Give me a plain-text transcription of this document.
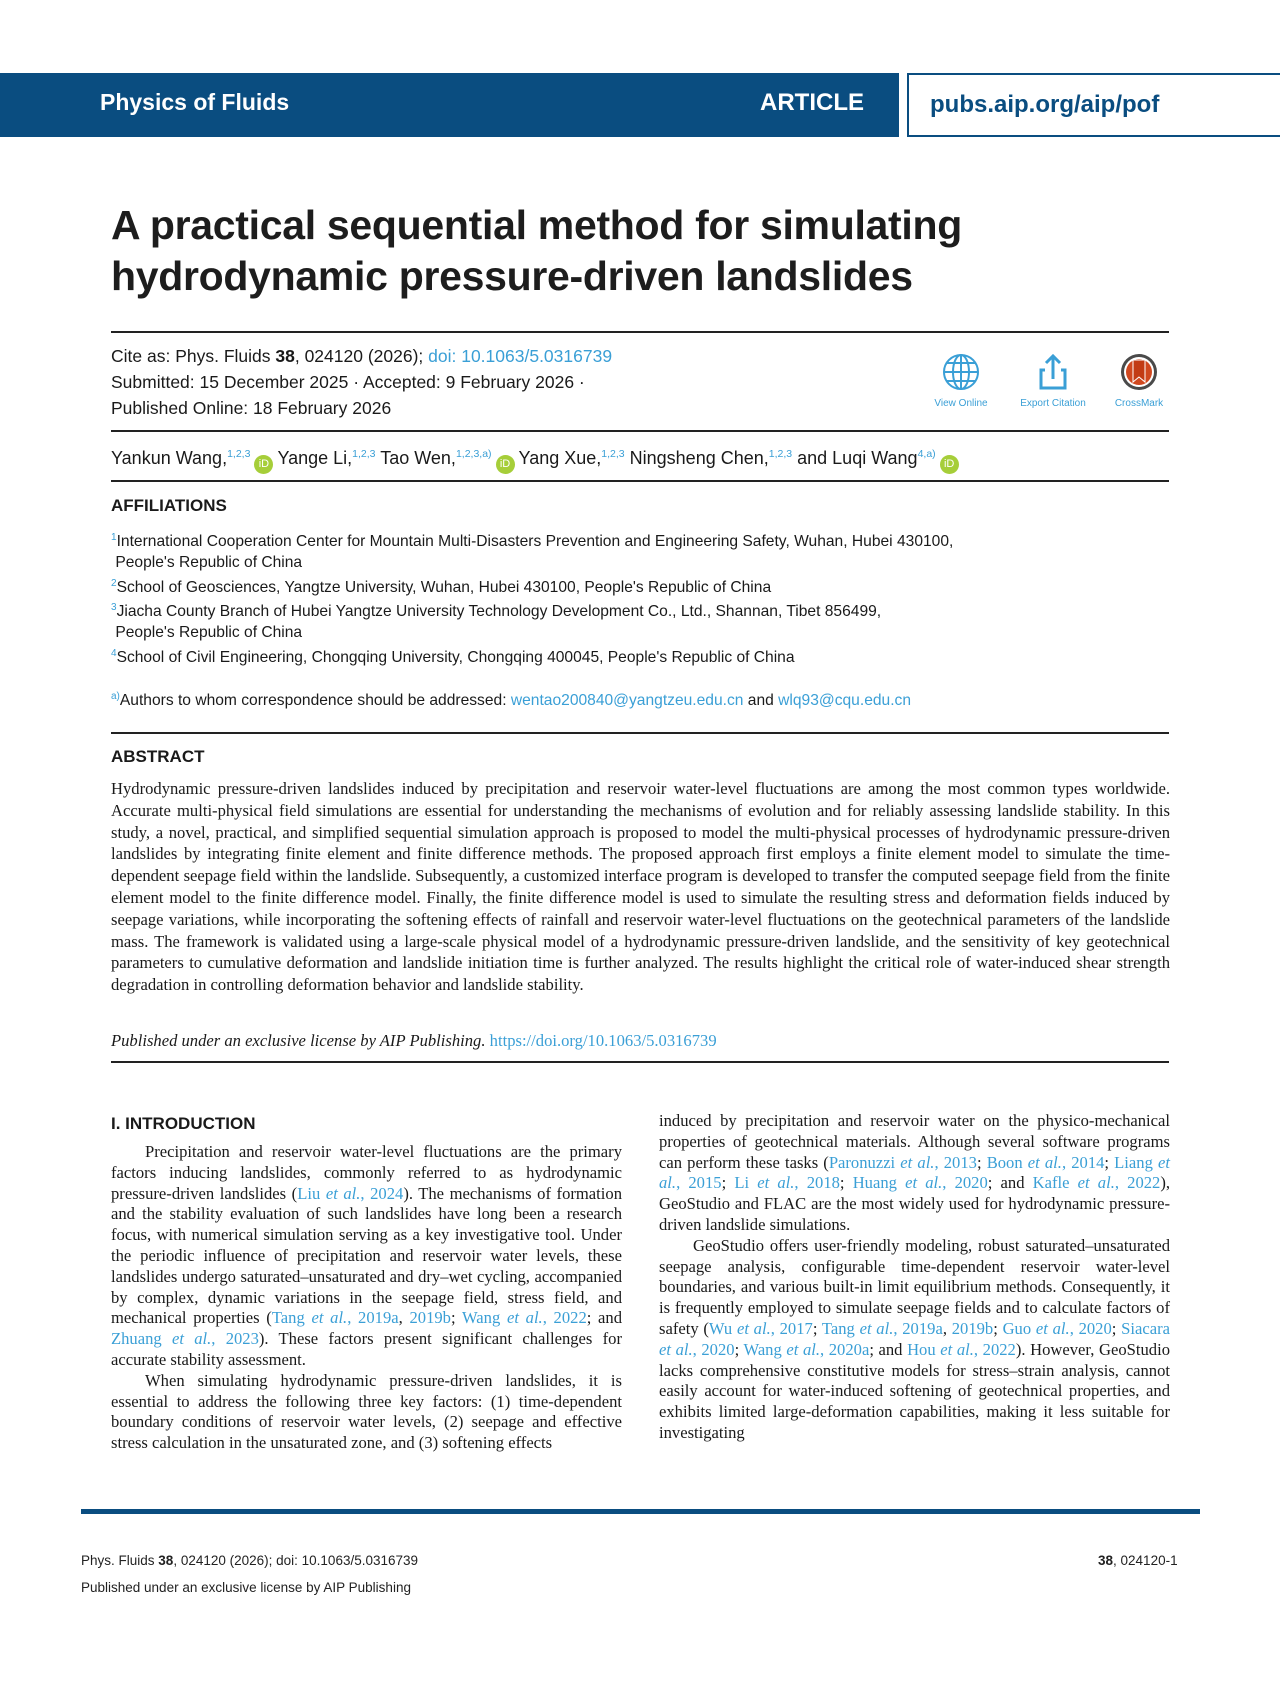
Physics of Fluids	ARTICLE	pubs.aip.org/aip/pof
A practical sequential method for simulating
hydrodynamic pressure-driven landslides
Cite as: Phys. Fluids 38, 024120 (2026); doi: 10.1063/5.0316739
Submitted: 15 December 2025 · Accepted: 9 February 2026 ·
Published Online: 18 February 2026	View Online	Export Citation	CrossMark
Yankun Wang,$^{1,2,3}$iD Yange Li,$^{1,2,3}$ Tao Wen,$^{1,2,3,a)}$iD Yang Xue,$^{1,2,3}$ Ningsheng Chen,$^{1,2,3}$ and Luqi Wang$^{4,a)}$iD
AFFILIATIONS
$^1$International Cooperation Center for Mountain Multi-Disasters Prevention and Engineering Safety, Wuhan, Hubei 430100,
People's Republic of China
$^2$School of Geosciences, Yangtze University, Wuhan, Hubei 430100, People's Republic of China
$^3$Jiacha County Branch of Hubei Yangtze University Technology Development Co., Ltd., Shannan, Tibet 856499,
People's Republic of China
$^4$School of Civil Engineering, Chongqing University, Chongqing 400045, People's Republic of China
$^{a)}$Authors to whom correspondence should be addressed: wentao200840@yangtzeu.edu.cn and wlq93@cqu.edu.cn
ABSTRACT

Hydrodynamic pressure-driven landslides induced by precipitation and reservoir water-level fluctuations are among the most common types worldwide. Accurate multi-physical field simulations are essential for understanding the mechanisms of evolution and for reliably assessing landslide stability. In this study, a novel, practical, and simplified sequential simulation approach is proposed to model the multi-physical processes of hydrodynamic pressure-driven landslides by integrating finite element and finite difference methods. The proposed approach first employs a finite element model to simulate the time-dependent seepage field within the landslide. Subsequently, a customized interface program is developed to transfer the computed seepage field from the finite element model to the finite difference model. Finally, the finite difference model is used to simulate the resulting stress and deformation fields induced by seepage variations, while incorporating the softening effects of rainfall and reservoir water-level fluctuations on the geotechnical parameters of the landslide mass. The framework is validated using a large-scale physical model of a hydrodynamic pressure-driven landslide, and the sensitivity of key geotechnical parameters to cumulative deformation and landslide initiation time is further analyzed. The results highlight the critical role of water-induced shear strength degradation in controlling deformation behavior and landslide stability.

Published under an exclusive license by AIP Publishing. https://doi.org/10.1063/5.0316739
I. INTRODUCTION

Precipitation and reservoir water-level fluctuations are the primary factors inducing landslides, commonly referred to as hydrodynamic pressure-driven landslides (Liu et al., 2024). The mechanisms of formation and the stability evaluation of such landslides have long been a research focus, with numerical simulation serving as a key investigative tool. Under the periodic influence of precipitation and reservoir water levels, these landslides undergo saturated–unsaturated and dry–wet cycling, accompanied by complex, dynamic variations in the seepage field, stress field, and mechanical properties (Tang et al., 2019a, 2019b; Wang et al., 2022; and Zhuang et al., 2023). These factors present significant challenges for accurate stability assessment.

When simulating hydrodynamic pressure-driven landslides, it is essential to address the following three key factors: (1) time-dependent boundary conditions of reservoir water levels, (2) seepage and effective stress calculation in the unsaturated zone, and (3) softening effects

induced by precipitation and reservoir water on the physico-mechanical properties of geotechnical materials. Although several software programs can perform these tasks (Paronuzzi et al., 2013; Boon et al., 2014; Liang et al., 2015; Li et al., 2018; Huang et al., 2020; and Kafle et al., 2022), GeoStudio and FLAC are the most widely used for hydrodynamic pressure-driven landslide simulations.

GeoStudio offers user-friendly modeling, robust saturated–unsaturated seepage analysis, configurable time-dependent reservoir water-level boundaries, and various built-in limit equilibrium methods. Consequently, it is frequently employed to simulate seepage fields and to calculate factors of safety (Wu et al., 2017; Tang et al., 2019a, 2019b; Guo et al., 2020; Siacara et al., 2020; Wang et al., 2020a; and Hou et al., 2022). However, GeoStudio lacks comprehensive constitutive models for stress–strain analysis, cannot easily account for water-induced softening of geotechnical properties, and exhibits limited large-deformation capabilities, making it less suitable for investigating

Phys. Fluids 38, 024120 (2026); doi: 10.1063/5.0316739
Published under an exclusive license by AIP Publishing
38, 024120-1
